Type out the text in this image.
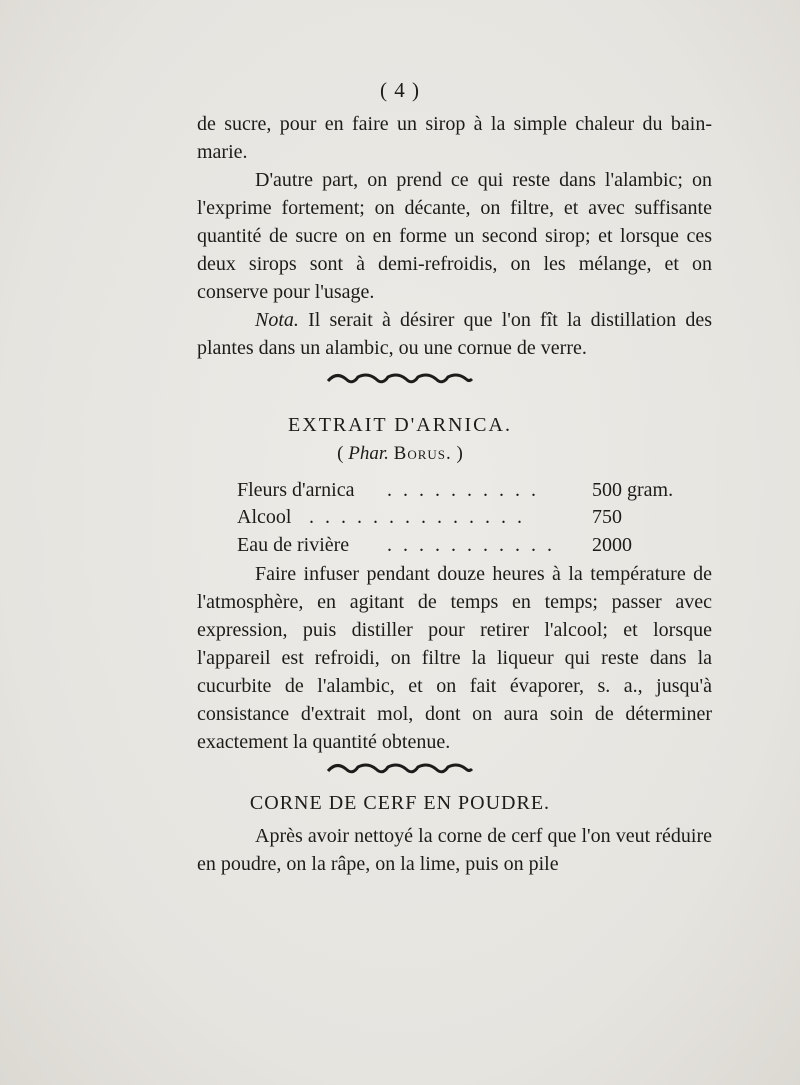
( 4 )

de sucre, pour en faire un sirop à la simple chaleur du bain-marie.

D'autre part, on prend ce qui reste dans l'alambic; on l'exprime fortement; on décante, on filtre, et avec suffisante quantité de sucre on en forme un second sirop; et lorsque ces deux sirops sont à demi-refroidis, on les mélange, et on conserve pour l'usage.

Nota. Il serait à désirer que l'on fît la distillation des plantes dans un alambic, ou une cornue de verre.

EXTRAIT D'ARNICA.
( Phar. Borus. )
Fleurs d'arnica . . . . . . . . . .	500 gram.
Alcool . . . . . . . . . . . . . .	750
Eau de rivière . . . . . . . . . . . 2000
Faire infuser pendant douze heures à la température de l'atmosphère, en agitant de temps en temps; passer avec expression, puis distiller pour retirer l'alcool; et lorsque l'appareil est refroidi, on filtre la liqueur qui reste dans la cucurbite de l'alambic, et on fait évaporer, s. a., jusqu'à consistance d'extrait mol, dont on aura soin de déterminer exactement la quantité obtenue.
CORNE DE CERF EN POUDRE.
Après avoir nettoyé la corne de cerf que l'on veut réduire en poudre, on la râpe, on la lime, puis on pile
